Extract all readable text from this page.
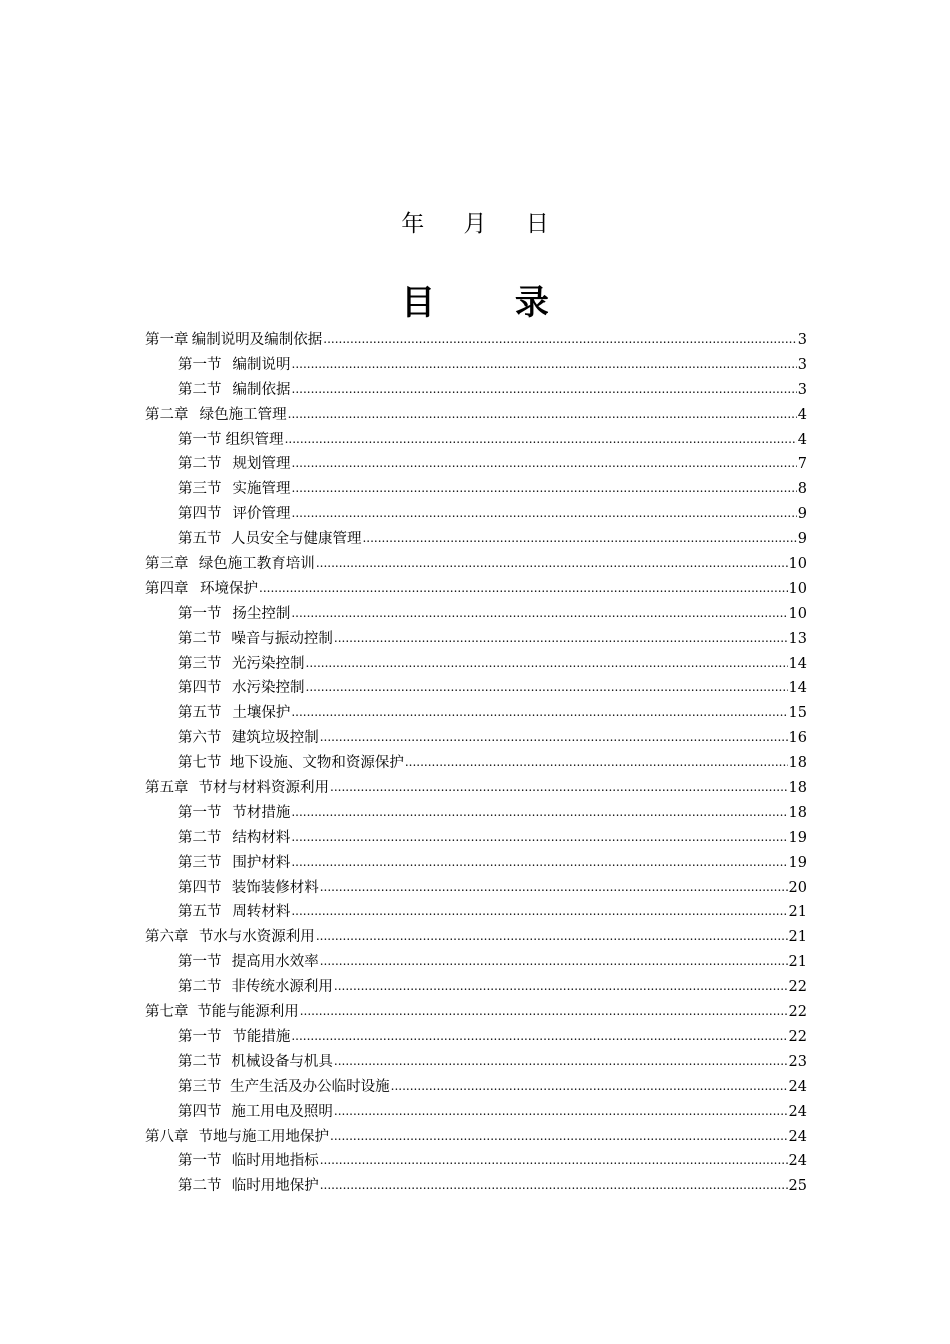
年 月 日
目 录
第一章 编制说明及编制依据 .....	3
第一节 编制说明 .....	3
第二节 编制依据 .....	3
第二章 绿色施工管理 .....	4
第一节 组织管理 .....	4
第二节 规划管理 .....	7
第三节 实施管理 .....	8
第四节 评价管理 .....	9
第五节 人员安全与健康管理 .....	9
第三章 绿色施工教育培训 .....	10
第四章 环境保护 .....	10
第一节 扬尘控制 .....	10
第二节 噪音与振动控制 .....	13
第三节 光污染控制 .....	14
第四节 水污染控制 .....	14
第五节 土壤保护 .....	15
第六节 建筑垃圾控制 .....	16
第七节 地下设施、文物和资源保护 .....	18
第五章 节材与材料资源利用 .....	18
第一节 节材措施 .....	18
第二节 结构材料 .....	19
第三节 围护材料 .....	19
第四节 装饰装修材料 .....	20
第五节 周转材料 .....	21
第六章 节水与水资源利用 .....	21
第一节 提高用水效率 .....	21
第二节 非传统水源利用 .....	22
第七章 节能与能源利用 .....	22
第一节 节能措施 .....	22
第二节 机械设备与机具 .....	23
第三节 生产生活及办公临时设施 .....	24
第四节 施工用电及照明 .....	24
第八章 节地与施工用地保护 .....	24
第一节 临时用地指标 .....	24
第二节 临时用地保护 .....	25
